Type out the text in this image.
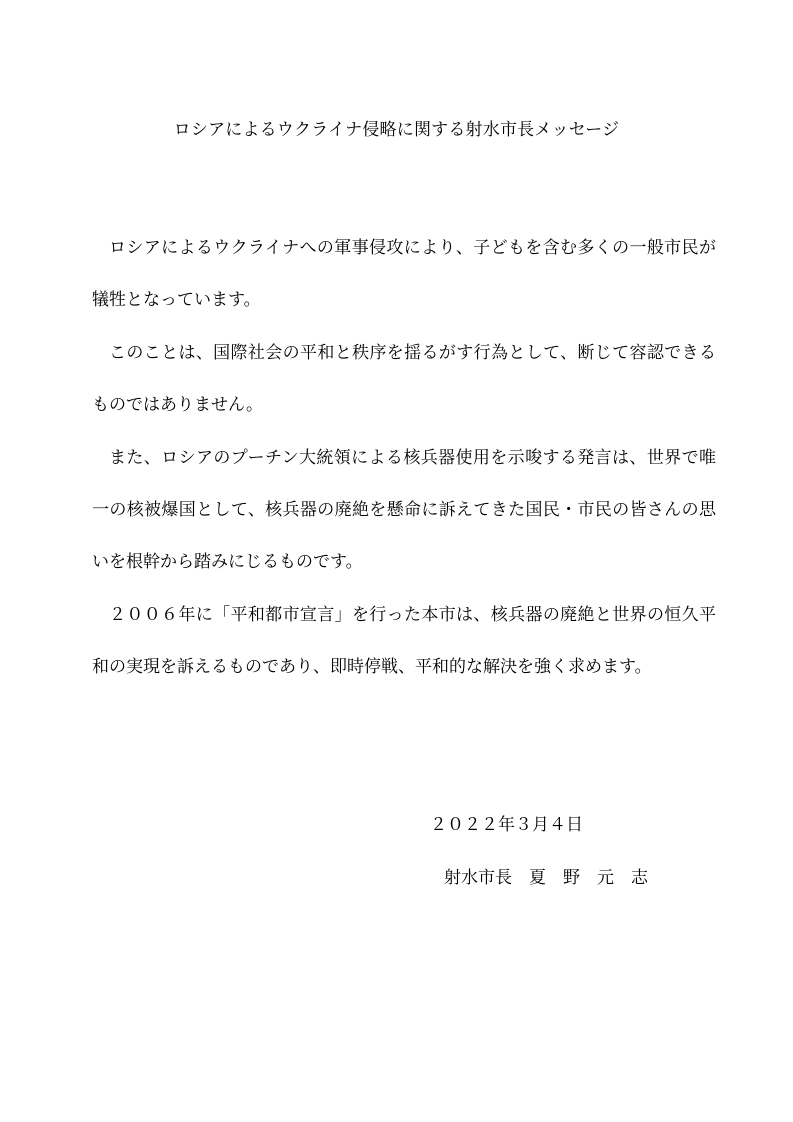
ロシアによるウクライナ侵略に関する射水市長メッセージ

ロシアによるウクライナへの軍事侵攻により、子どもを含む多くの一般市民が犠牲となっています。

このことは、国際社会の平和と秩序を揺るがす行為として、断じて容認できるものではありません。

また、ロシアのプーチン大統領による核兵器使用を示唆する発言は、世界で唯一の核被爆国として、核兵器の廃絶を懸命に訴えてきた国民・市民の皆さんの思いを根幹から踏みにじるものです。

２００６年に「平和都市宣言」を行った本市は、核兵器の廃絶と世界の恒久平和の実現を訴えるものであり、即時停戦、平和的な解決を強く求めます。

２０２２年３月４日
射水市長　夏　野　元　志
